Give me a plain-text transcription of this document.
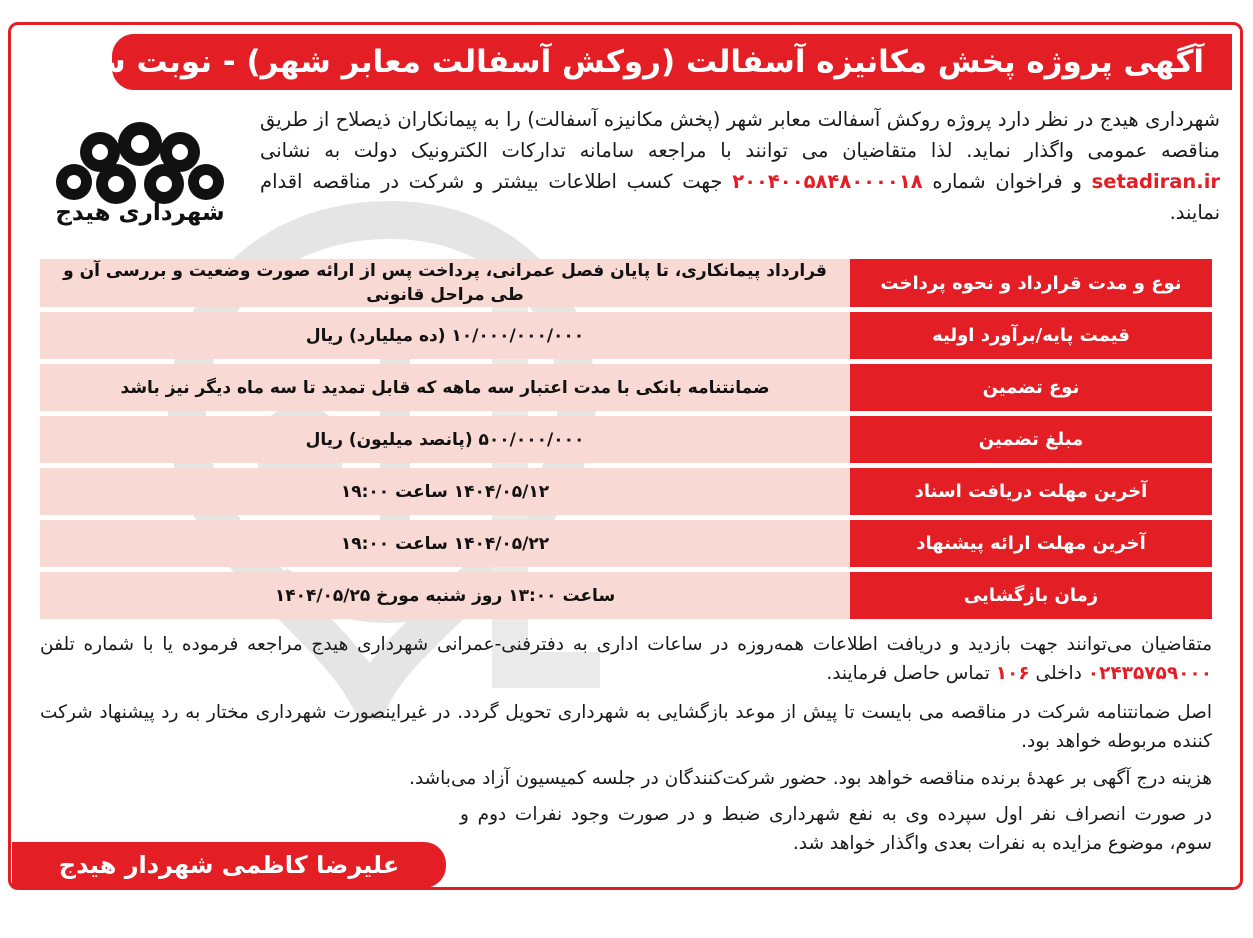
آگهی پروژه پخش مکانیزه آسفالت (روکش آسفالت معابر شهر) - نوبت سوم
شهرداری هیدج
شهرداری هیدج در نظر دارد پروژه روکش آسفالت معابر شهر (پخش مکانیزه آسفالت) را به پیمانکاران ذیصلاح از طریق مناقصه عمومی واگذار نماید. لذا متقاضیان می توانند با مراجعه سامانه تدارکات الکترونیک دولت به نشانی setadiran.ir و فراخوان شماره ۲۰۰۴۰۰۵۸۴۸۰۰۰۰۱۸ جهت کسب اطلاعات بیشتر و شرکت در مناقصه اقدام نمایند.
نوع و مدت قرارداد و نحوه پرداخت	قرارداد پیمانکاری، تا پایان فصل عمرانی، پرداخت پس از ارائه صورت وضعیت و بررسی آن و طی مراحل قانونی
قیمت پایه/برآورد اولیه	۱۰/۰۰۰/۰۰۰/۰۰۰ (ده میلیارد) ریال
نوع تضمین	ضمانتنامه بانکی با مدت اعتبار سه ماهه که قابل تمدید تا سه ماه دیگر نیز باشد
مبلغ تضمین	۵۰۰/۰۰۰/۰۰۰ (پانصد میلیون) ریال
آخرین مهلت دریافت اسناد	۱۴۰۴/۰۵/۱۲ ساعت ۱۹:۰۰
آخرین مهلت ارائه پیشنهاد	۱۴۰۴/۰۵/۲۲ ساعت ۱۹:۰۰
زمان بازگشایی	ساعت ۱۳:۰۰ روز شنبه مورخ ۱۴۰۴/۰۵/۲۵
متقاضیان می‌توانند جهت بازدید و دریافت اطلاعات همه‌روزه در ساعات اداری به دفترفنی-عمرانی شهرداری هیدج مراجعه فرموده یا با شماره تلفن ۰۲۴۳۵۷۵۹۰۰۰ داخلی ۱۰۶ تماس حاصل فرمایند.
اصل ضمانتنامه شرکت در مناقصه می بایست تا پیش از موعد بازگشایی به شهرداری تحویل گردد. در غیراینصورت شهرداری مختار به رد پیشنهاد شرکت کننده مربوطه خواهد بود.
هزینه درج آگهی بر عهدهٔ برنده مناقصه خواهد بود. حضور شرکت‌کنندگان در جلسه کمیسیون آزاد می‌باشد.
در صورت انصراف نفر اول سپرده وی به نفع شهرداری ضبط و در صورت وجود نفرات دوم و سوم، موضوع مزایده به نفرات بعدی واگذار خواهد شد.
علیرضا کاظمی شهردار هیدج
